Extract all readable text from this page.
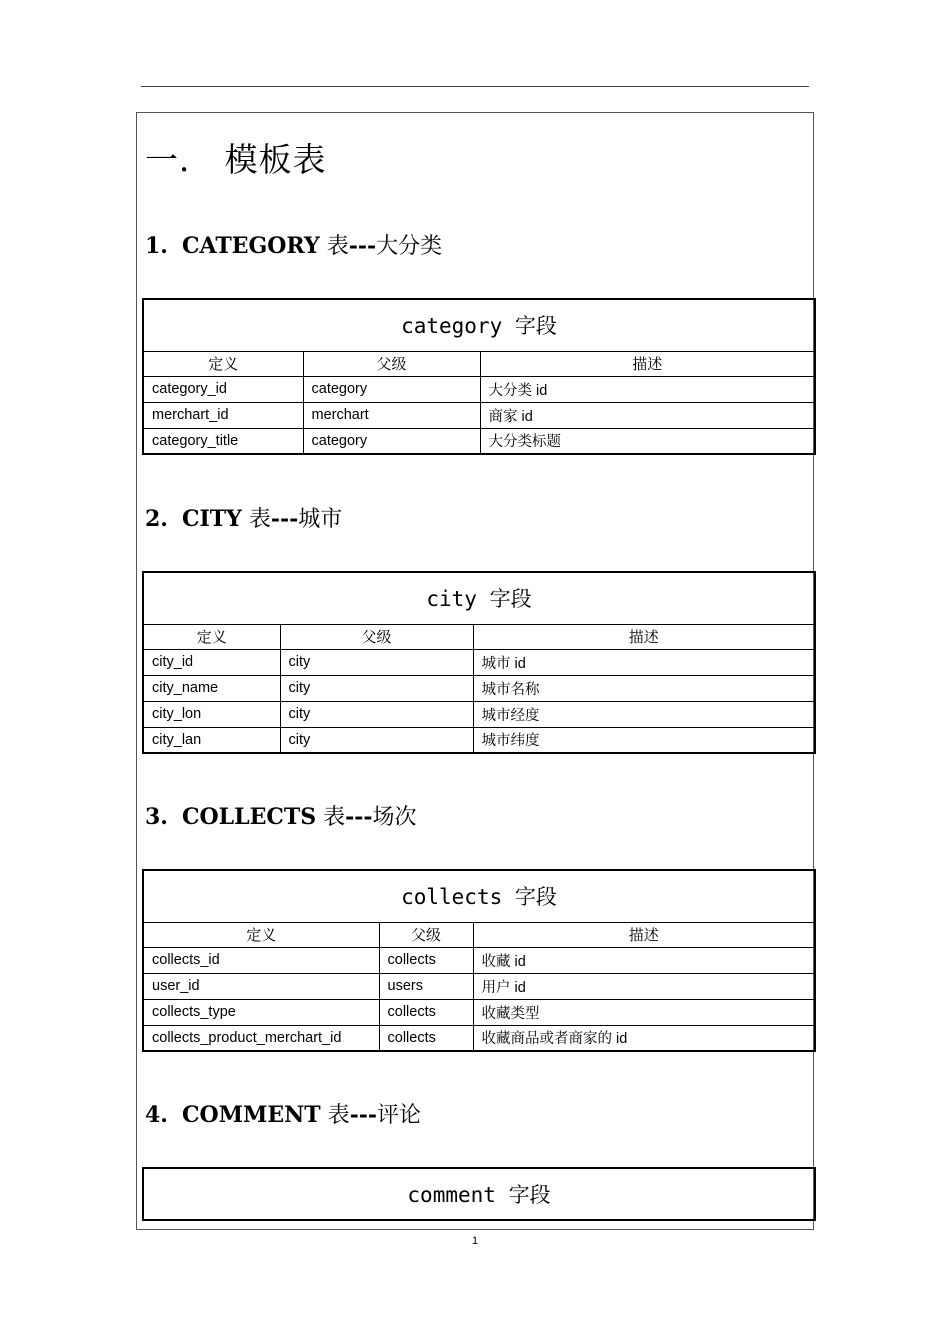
一． 模板表
1. CATEGORY 表---大分类
category 字段		
定义	父级	描述
category_id	category	大分类 id
merchart_id	merchart	商家 id
category_title	category	大分类标题
2. CITY 表---城市
city 字段		
定义	父级	描述
city_id	city	城市 id
city_name	city	城市名称
city_lon	city	城市经度
city_lan	city	城市纬度
3. COLLECTS 表---场次
collects 字段		
定义	父级	描述
collects_id	collects	收藏 id
user_id	users	用户 id
collects_type	collects	收藏类型
collects_product_merchart_id	collects	收藏商品或者商家的 id
4. COMMENT 表---评论
comment 字段
1
